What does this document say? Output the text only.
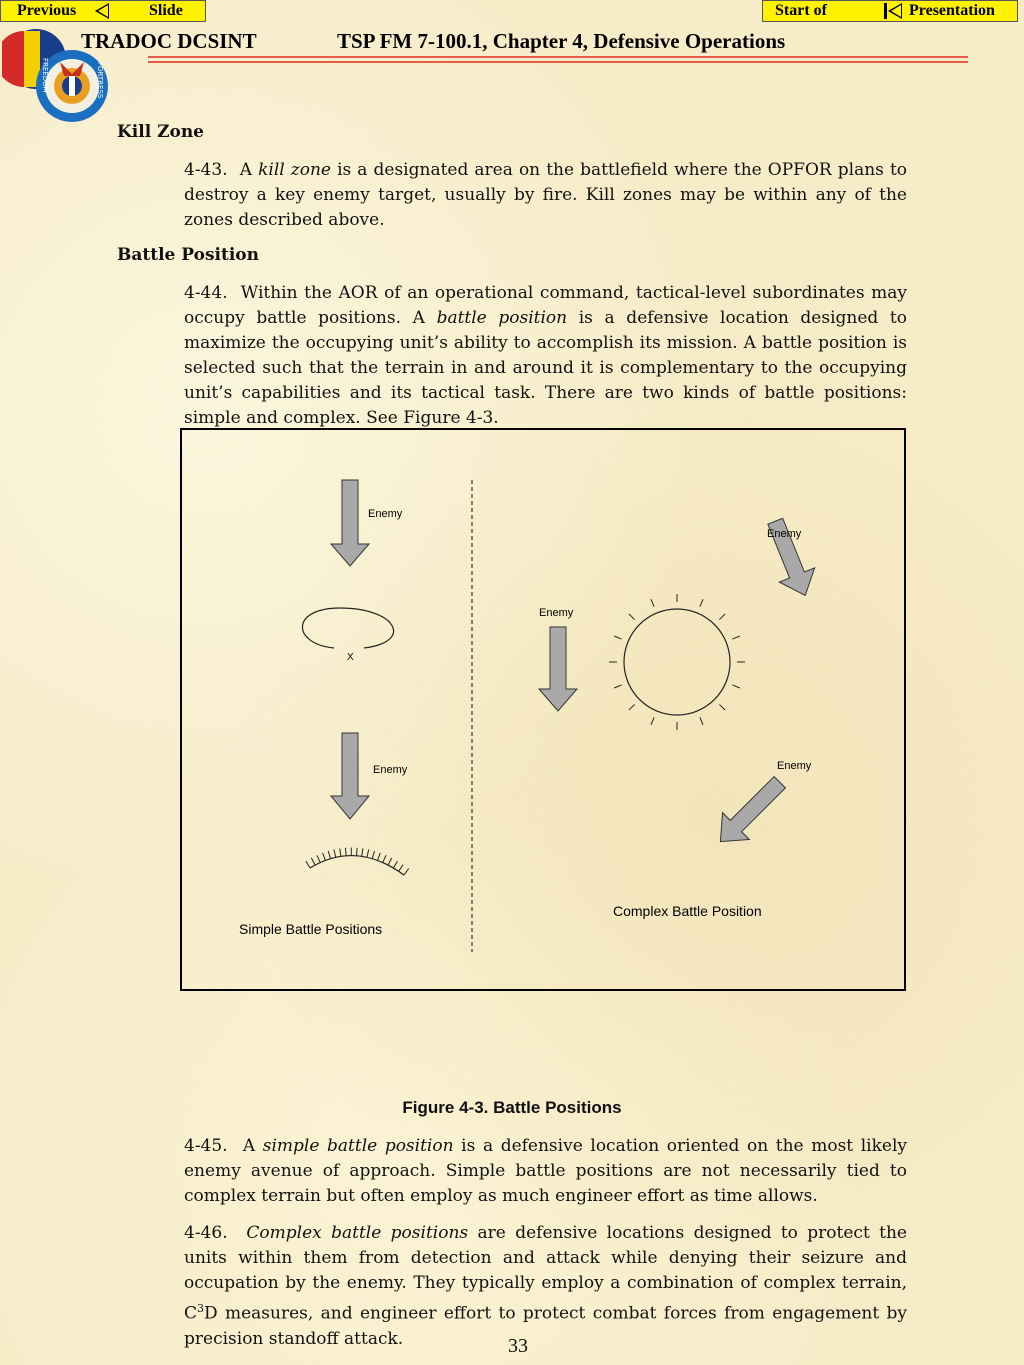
Previous	Slide	Start of	Presentation
FREEDOM	FORTRESS
TRADOC DCSINT	TSP FM 7-100.1, Chapter 4, Defensive Operations
Kill Zone
4-43. A kill zone is a designated area on the battlefield where the OPFOR plans to destroy a key enemy target, usually by fire. Kill zones may be within any of the zones described above.
Battle Position
4-44. Within the AOR of an operational command, tactical-level subordinates may occupy battle positions. A battle position is a defensive location designed to maximize the occupying unit’s ability to accomplish its mission. A battle position is selected such that the terrain in and around it is complementary to the occupying unit’s capabilities and its tactical task. There are two kinds of battle positions: simple and complex. See Figure 4-3.
Enemy
X
Enemy
Simple Battle Positions
Enemy
Enemy
Enemy
Complex Battle Position
Figure 4-3. Battle Positions
4-45. A simple battle position is a defensive location oriented on the most likely enemy avenue of approach. Simple battle positions are not necessarily tied to complex terrain but often employ as much engineer effort as time allows.
4-46. Complex battle positions are defensive locations designed to protect the units within them from detection and attack while denying their seizure and occupation by the enemy. They typically employ a combination of complex terrain, $C^3D$ measures, and engineer effort to protect combat forces from engagement by precision standoff attack.	33
